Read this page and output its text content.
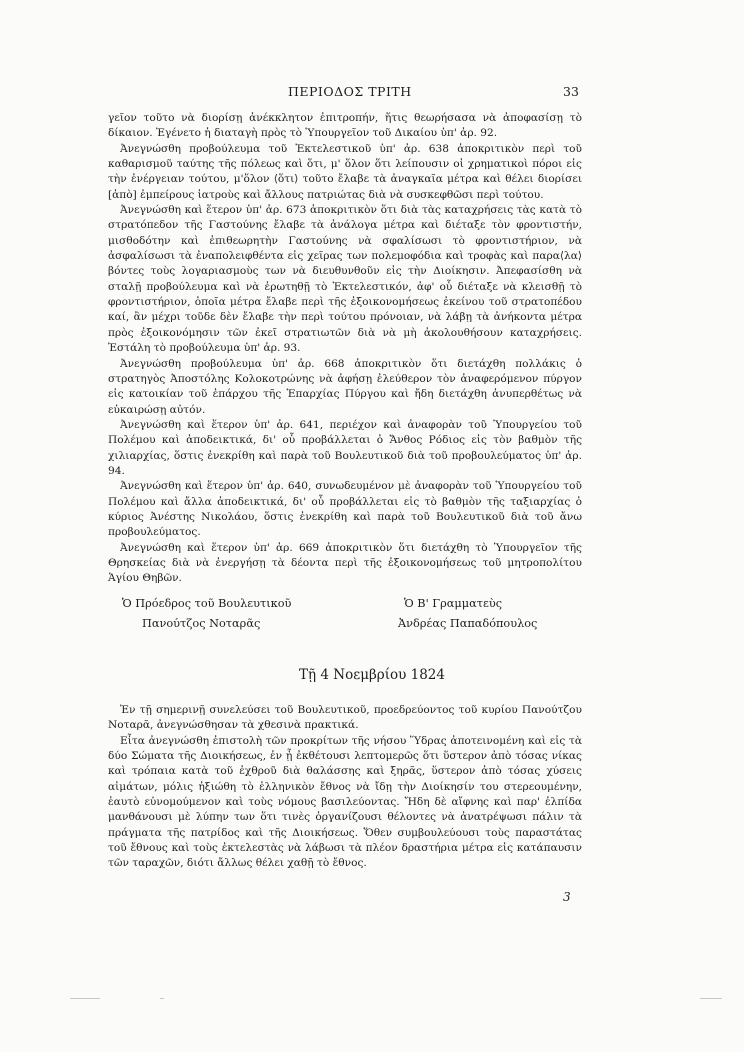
ΠΕΡΙΟΔΟΣ ΤΡΙΤΗ	33

γεῖον τοῦτο νὰ διορίσῃ ἀνέκκλητον ἐπιτροπήν, ἥτις θεωρήσασα νὰ ἀποφασίσῃ τὸ δίκαιον. Ἐγένετο ἡ διαταγὴ πρὸς τὸ Ὑπουργεῖον τοῦ Δικαίου ὑπ' ἀρ. 92.

Ἀνεγνώσθη προβούλευμα τοῦ Ἐκτελεστικοῦ ὑπ' ἀρ. 638 ἀποκριτικὸν περὶ τοῦ καθαρισμοῦ ταύτης τῆς πόλεως καὶ ὅτι, μ' ὅλον ὅτι λείπουσιν οἱ χρηματικοὶ πόροι εἰς τὴν ἐνέργειαν τούτου, μ'ὅλον ⟨ὅτι⟩ τοῦτο ἔλαβε τὰ ἀναγκαῖα μέτρα καὶ θέλει διορίσει [ἀπὸ] ἐμπείρους ἰατροὺς καὶ ἄλλους πατριώτας διὰ νὰ συσκεφθῶσι περὶ τούτου.

Ἀνεγνώσθη καὶ ἕτερον ὑπ' ἀρ. 673 ἀποκριτικὸν ὅτι διὰ τὰς καταχρήσεις τὰς κατὰ τὸ στρατόπεδον τῆς Γαστούνης ἔλαβε τὰ ἀνάλογα μέτρα καὶ διέταξε τὸν φροντιστήν, μισθοδότην καὶ ἐπιθεωρητὴν Γαστούνης νὰ σφαλίσωσι τὸ φροντιστήριον, νὰ ἀσφαλίσωσι τὰ ἐναπολειφθέντα εἰς χεῖρας των πολεμοφόδια καὶ τροφὰς καὶ παρα⟨λα⟩βόντες τοὺς λογαριασμοὺς των νὰ διευθυνθοῦν εἰς τὴν Διοίκησιν. Ἀπεφασίσθη νὰ σταλῇ προβούλευμα καὶ νὰ ἐρωτηθῇ τὸ Ἐκτελεστικόν, ἀφ' οὗ διέταξε νὰ κλεισθῇ τὸ φροντιστήριον, ὁποῖα μέτρα ἔλαβε περὶ τῆς ἐξοικονομήσεως ἐκείνου τοῦ στρατοπέδου καί, ἂν μέχρι τοῦδε δὲν ἔλαβε τὴν περὶ τούτου πρόνοιαν, νὰ λάβῃ τὰ ἀνήκοντα μέτρα πρὸς ἐξοικονόμησιν τῶν ἐκεῖ στρατιωτῶν διὰ νὰ μὴ ἀκολουθήσουν καταχρήσεις. Ἐστάλη τὸ προβούλευμα ὑπ' ἀρ. 93.

Ἀνεγνώσθη προβούλευμα ὑπ' ἀρ. 668 ἀποκριτικὸν ὅτι διετάχθη πολλάκις ὁ στρατηγὸς Ἀποστόλης Κολοκοτρώνης νὰ ἀφήσῃ ἐλεύθερον τὸν ἀναφερόμενον πύργον εἰς κατοικίαν τοῦ ἐπάρχου τῆς Ἐπαρχίας Πύργου καὶ ἤδη διετάχθη ἀνυπερθέτως νὰ εὐκαιρώσῃ αὐτόν.

Ἀνεγνώσθη καὶ ἕτερον ὑπ' ἀρ. 641, περιέχον καὶ ἀναφορὰν τοῦ Ὑπουργείου τοῦ Πολέμου καὶ ἀποδεικτικά, δι' οὗ προβάλλεται ὁ Ἄνθος Ρόδιος εἰς τὸν βαθμὸν τῆς χιλιαρχίας, ὅστις ἐνεκρίθη καὶ παρὰ τοῦ Βουλευτικοῦ διὰ τοῦ προβουλεύματος ὑπ' ἀρ. 94.

Ἀνεγνώσθη καὶ ἕτερον ὑπ' ἀρ. 640, συνωδευμένον μὲ ἀναφορὰν τοῦ Ὑπουργείου τοῦ Πολέμου καὶ ἄλλα ἀποδεικτικά, δι' οὗ προβάλλεται εἰς τὸ βαθμὸν τῆς ταξιαρχίας ὁ κύριος Ἀνέστης Νικολάου, ὅστις ἐνεκρίθη καὶ παρὰ τοῦ Βουλευτικοῦ διὰ τοῦ ἄνω προβουλεύματος.

Ἀνεγνώσθη καὶ ἕτερον ὑπ' ἀρ. 669 ἀποκριτικὸν ὅτι διετάχθη τὸ Ὑπουργεῖον τῆς Θρησκείας διὰ νὰ ἐνεργήσῃ τὰ δέοντα περὶ τῆς ἐξοικονομήσεως τοῦ μητροπολίτου Ἁγίου Θηβῶν.

Ὁ Πρόεδρος τοῦ Βουλευτικοῦ
Πανούτζος Νοταρᾶς
Ὁ Β' Γραμματεὺς
Ἀνδρέας Παπαδόπουλος
Τῇ 4 Νοεμβρίου 1824

Ἐν τῇ σημερινῇ συνελεύσει τοῦ Βουλευτικοῦ, προεδρεύοντος τοῦ κυρίου Πανούτζου Νοταρᾶ, ἀνεγνώσθησαν τὰ χθεσινὰ πρακτικά.

Εἶτα ἀνεγνώσθη ἐπιστολὴ τῶν προκρίτων τῆς νήσου Ὕδρας ἀποτεινομένη καὶ εἰς τὰ δύο Σώματα τῆς Διοικήσεως, ἐν ᾗ ἐκθέτουσι λεπτομερῶς ὅτι ὕστερον ἀπὸ τόσας νίκας καὶ τρόπαια κατὰ τοῦ ἐχθροῦ διὰ θαλάσσης καὶ ξηρᾶς, ὕστερον ἀπὸ τόσας χύσεις αἱμάτων, μόλις ἠξιώθη τὸ ἑλληνικὸν ἔθνος νὰ ἴδῃ τὴν Διοίκησίν του στερεουμένην, ἑαυτὸ εὐνομούμενον καὶ τοὺς νόμους βασιλεύοντας. Ἤδη δὲ αἴφνης καὶ παρ' ἐλπίδα μανθάνουσι μὲ λύπην των ὅτι τινὲς ὀργανίζουσι θέλοντες νὰ ἀνατρέψωσι πάλιν τὰ πράγματα τῆς πατρίδος καὶ τῆς Διοικήσεως. Ὅθεν συμβουλεύουσι τοὺς παραστάτας τοῦ ἔθνους καὶ τοὺς ἐκτελεστὰς νὰ λάβωσι τὰ πλέον δραστήρια μέτρα εἰς κατάπαυσιν τῶν ταραχῶν, διότι ἄλλως θέλει χαθῇ τὸ ἔθνος.

3
